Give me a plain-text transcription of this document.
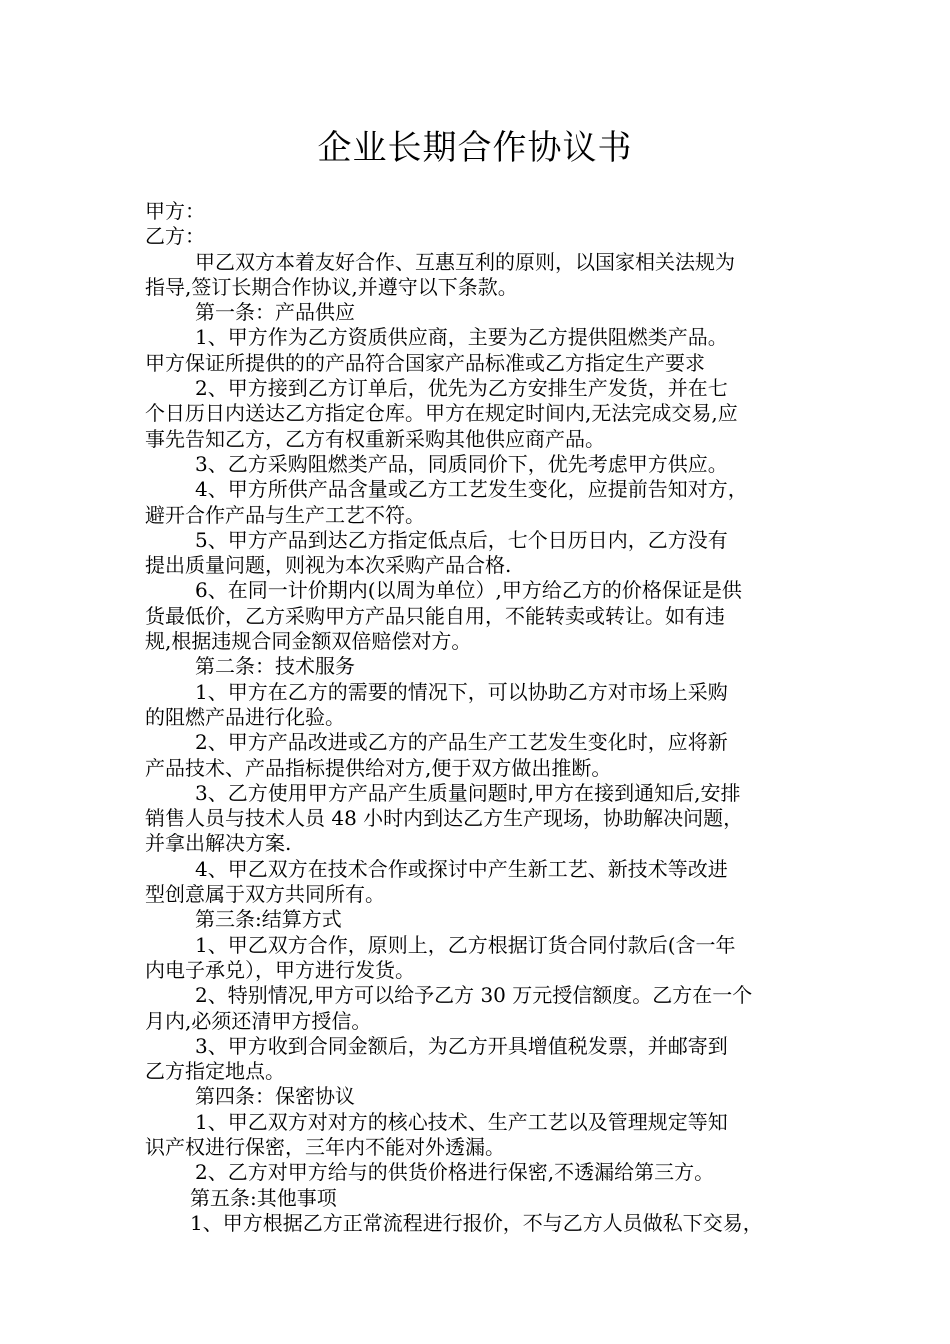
企业长期合作协议书

甲方：

乙方：

甲乙双方本着友好合作、互惠互利的原则，以国家相关法规为

指导,签订长期合作协议,并遵守以下条款。

第一条：产品供应

1、甲方作为乙方资质供应商，主要为乙方提供阻燃类产品。

甲方保证所提供的的产品符合国家产品标准或乙方指定生产要求

2、甲方接到乙方订单后，优先为乙方安排生产发货，并在七

个日历日内送达乙方指定仓库。甲方在规定时间内,无法完成交易,应

事先告知乙方，乙方有权重新采购其他供应商产品。

3、乙方采购阻燃类产品，同质同价下，优先考虑甲方供应。

4、甲方所供产品含量或乙方工艺发生变化，应提前告知对方，

避开合作产品与生产工艺不符。

5、甲方产品到达乙方指定低点后，七个日历日内，乙方没有

提出质量问题，则视为本次采购产品合格.

6、在同一计价期内(以周为单位）,甲方给乙方的价格保证是供

货最低价，乙方采购甲方产品只能自用，不能转卖或转让。如有违

规,根据违规合同金额双倍赔偿对方。

第二条：技术服务

1、甲方在乙方的需要的情况下，可以协助乙方对市场上采购

的阻燃产品进行化验。

2、甲方产品改进或乙方的产品生产工艺发生变化时，应将新

产品技术、产品指标提供给对方,便于双方做出推断。

3、乙方使用甲方产品产生质量问题时,甲方在接到通知后,安排

销售人员与技术人员 48 小时内到达乙方生产现场，协助解决问题，

并拿出解决方案.

4、甲乙双方在技术合作或探讨中产生新工艺、新技术等改进

型创意属于双方共同所有。

第三条:结算方式

1、甲乙双方合作，原则上，乙方根据订货合同付款后(含一年

内电子承兑），甲方进行发货。

2、特别情况,甲方可以给予乙方 30 万元授信额度。乙方在一个

月内,必须还清甲方授信。

3、甲方收到合同金额后，为乙方开具增值税发票，并邮寄到

乙方指定地点。

第四条：保密协议

1、甲乙双方对对方的核心技术、生产工艺以及管理规定等知

识产权进行保密，三年内不能对外透漏。

2、乙方对甲方给与的供货价格进行保密,不透漏给第三方。

第五条:其他事项

1、甲方根据乙方正常流程进行报价，不与乙方人员做私下交易，
